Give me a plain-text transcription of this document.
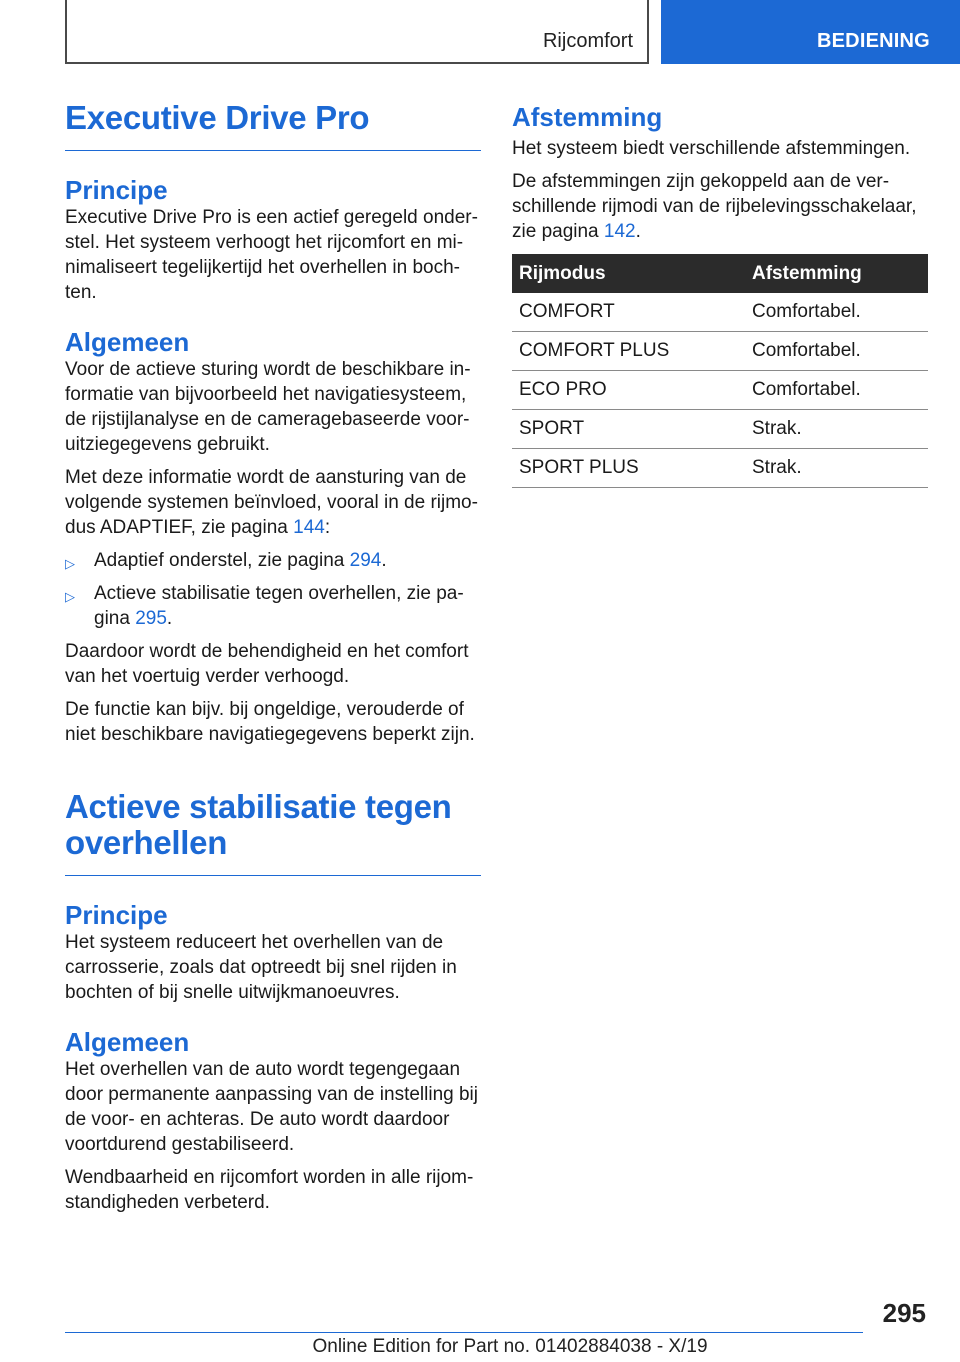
Rijcomfort	BEDIENING
Executive Drive Pro
Principe

Executive Drive Pro is een actief geregeld onder-stel. Het systeem verhoogt het rijcomfort en mi-nimaliseert tegelijkertijd het overhellen in boch-ten.

Algemeen

Voor de actieve sturing wordt de beschikbare in-formatie van bijvoorbeeld het navigatiesysteem, de rijstijlanalyse en de cameragebaseerde voor-uitziegegevens gebruikt.

Met deze informatie wordt de aansturing van de volgende systemen beïnvloed, vooral in de rijmo-dus ADAPTIEF, zie pagina 144:

▷ Adaptief onderstel, zie pagina 294.
▷ Actieve stabilisatie tegen overhellen, zie pa-gina 295.

Daardoor wordt de behendigheid en het comfort van het voertuig verder verhoogd.

De functie kan bijv. bij ongeldige, verouderde of niet beschikbare navigatiegegevens beperkt zijn.

Actieve stabilisatie tegen
overhellen
Principe

Het systeem reduceert het overhellen van de carrosserie, zoals dat optreedt bij snel rijden in bochten of bij snelle uitwijkmanoeuvres.

Algemeen

Het overhellen van de auto wordt tegengegaan door permanente aanpassing van de instelling bij de voor- en achteras. De auto wordt daardoor voortdurend gestabiliseerd.

Wendbaarheid en rijcomfort worden in alle rijom-standigheden verbeterd.

Afstemming

Het systeem biedt verschillende afstemmingen.

De afstemmingen zijn gekoppeld aan de ver-schillende rijmodi van de rijbelevingsschakelaar, zie pagina 142.

Rijmodus	Afstemming
COMFORT	Comfortabel.
COMFORT PLUS	Comfortabel.
ECO PRO	Comfortabel.
SPORT	Strak.
SPORT PLUS	Strak.
295
Online Edition for Part no. 01402884038 - X/19
